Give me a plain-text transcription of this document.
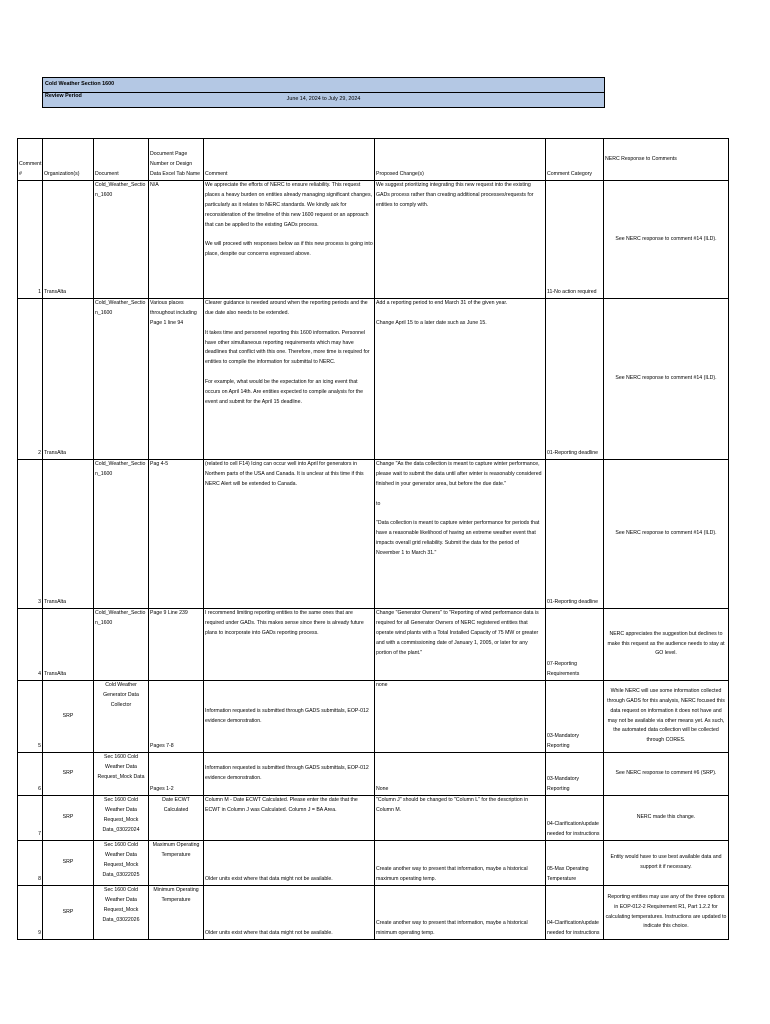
Cold Weather Section 1600

Review Period
June 14, 2024 to July 29, 2024
Comment
#	Organization(s)	Document	Document Page Number or Design Data Excel Tab Name	Comment	Proposed Change(s)	Comment Category	NERC Response to Comments
1	TransAlta	Cold_Weather_Section_1600	N/A	We appreciate the efforts of NERC to ensure reliability. This request places a heavy burden on entities already managing significant changes, particularly as it relates to NERC standards. We kindly ask for reconsideration of the timeline of this new 1600 request or an approach that can be applied to the existing GADs process.

We will proceed with responses below as if this new process is going into place, despite our concerns expressed above.	We suggest prioritizing integrating this new request into the existing GADs process rather than creating additional processes/requests for entities to comply with.	11-No action required	See NERC response to comment #14 (ILD).
2	TransAlta	Cold_Weather_Section_1600	Various places throughout including Page 1 line 94	Clearer guidance is needed around when the reporting periods and the due date also needs to be extended.

It takes time and personnel reporting this 1600 information. Personnel have other simultaneous reporting requirements which may have deadlines that conflict with this one. Therefore, more time is required for entities to compile the information for submittal to NERC.

For example, what would be the expectation for an icing event that occurs on April 14th. Are entities expected to compile analysis for the event and submit for the April 15 deadline.	Add a reporting period to end March 31 of the given year.

Change April 15 to a later date such as June 15.	01-Reporting deadline	See NERC response to comment #14 (ILD).
3	TransAlta	Cold_Weather_Section_1600	Pag 4-5	(related to cell F14) Icing can occur well into April for generators in Northern parts of the USA and Canada. It is unclear at this time if this NERC Alert will be extended to Canada.	Change "As the data collection is meant to capture winter performance, please wait to submit the data until after winter is reasonably considered finished in your generator area, but before the due date."

to

"Data collection is meant to capture winter performance for periods that have a reasonable likelihood of having an extreme weather event that impacts overall grid reliability. Submit the data for the period of November 1 to March 31."	01-Reporting deadline	See NERC response to comment #14 (ILD).
4	TransAlta	Cold_Weather_Section_1600	Page 9 Line 239	I recommend limiting reporting entities to the same ones that are required under GADs. This makes sense since there is already future plans to incorporate into GADs reporting process.	Change "Generator Owners" to "Reporting of wind performance data is required for all Generator Owners of NERC registered entities that operate wind plants with a Total Installed Capacity of 75 MW or greater and with a commissioning date of January 1, 2005, or later for any portion of the plant."	07-Reporting Requirements	NERC appreciates the suggestion but declines to make this request as the audience needs to stay at GO level.
5	SRP	Cold Weather Generator Data Collector	Pages 7-8	Information requested is submitted through GADS submittals, EOP-012 evidence demonstration.	none	03-Mandatory Reporting	While NERC will use some information collected through GADS for this analysis, NERC focused this data request on information it does not have and may not be available via other means yet. As such, the automated data collection will be collected through CORES.
6	SRP	Sec 1600 Cold Weather Data Request_Mock Data	Pages 1-2	Information requested is submitted through GADS submittals, EOP-012 evidence demonstration.	None	03-Mandatory Reporting	See NERC response to comment #6 (SRP).
7	SRP	Sec 1600 Cold Weather Data Request_Mock Data_03022024	Date ECWT Calculated	Column M - Date ECWT Calculated. Please enter the date that the ECWT in Column J was Calculated. Column J = BA Area.	"Column J" should be changed to "Column L" for the description in Column M.	04-Clarification/update needed for instructions	NERC made this change.
8	SRP	Sec 1600 Cold Weather Data Request_Mock Data_03022025	Maximum Operating Temperature	Older units exist where that data might not be available.	Create another way to present that information, maybe a historical maximum operating temp.	05-Max Operating Temperature	Entity would have to use best available data and support it if necessary.
9	SRP	Sec 1600 Cold Weather Data Request_Mock Data_03022026	Minimum Operating Temperature	Older units exist where that data might not be available.	Create another way to present that information, maybe a historical minimum operating temp.	04-Clarification/update needed for instructions	Reporting entities may use any of the three options in EOP-012-2 Requirement R1, Part 1.2.2 for calculating temperatures. Instructions are updated to indicate this choice.
